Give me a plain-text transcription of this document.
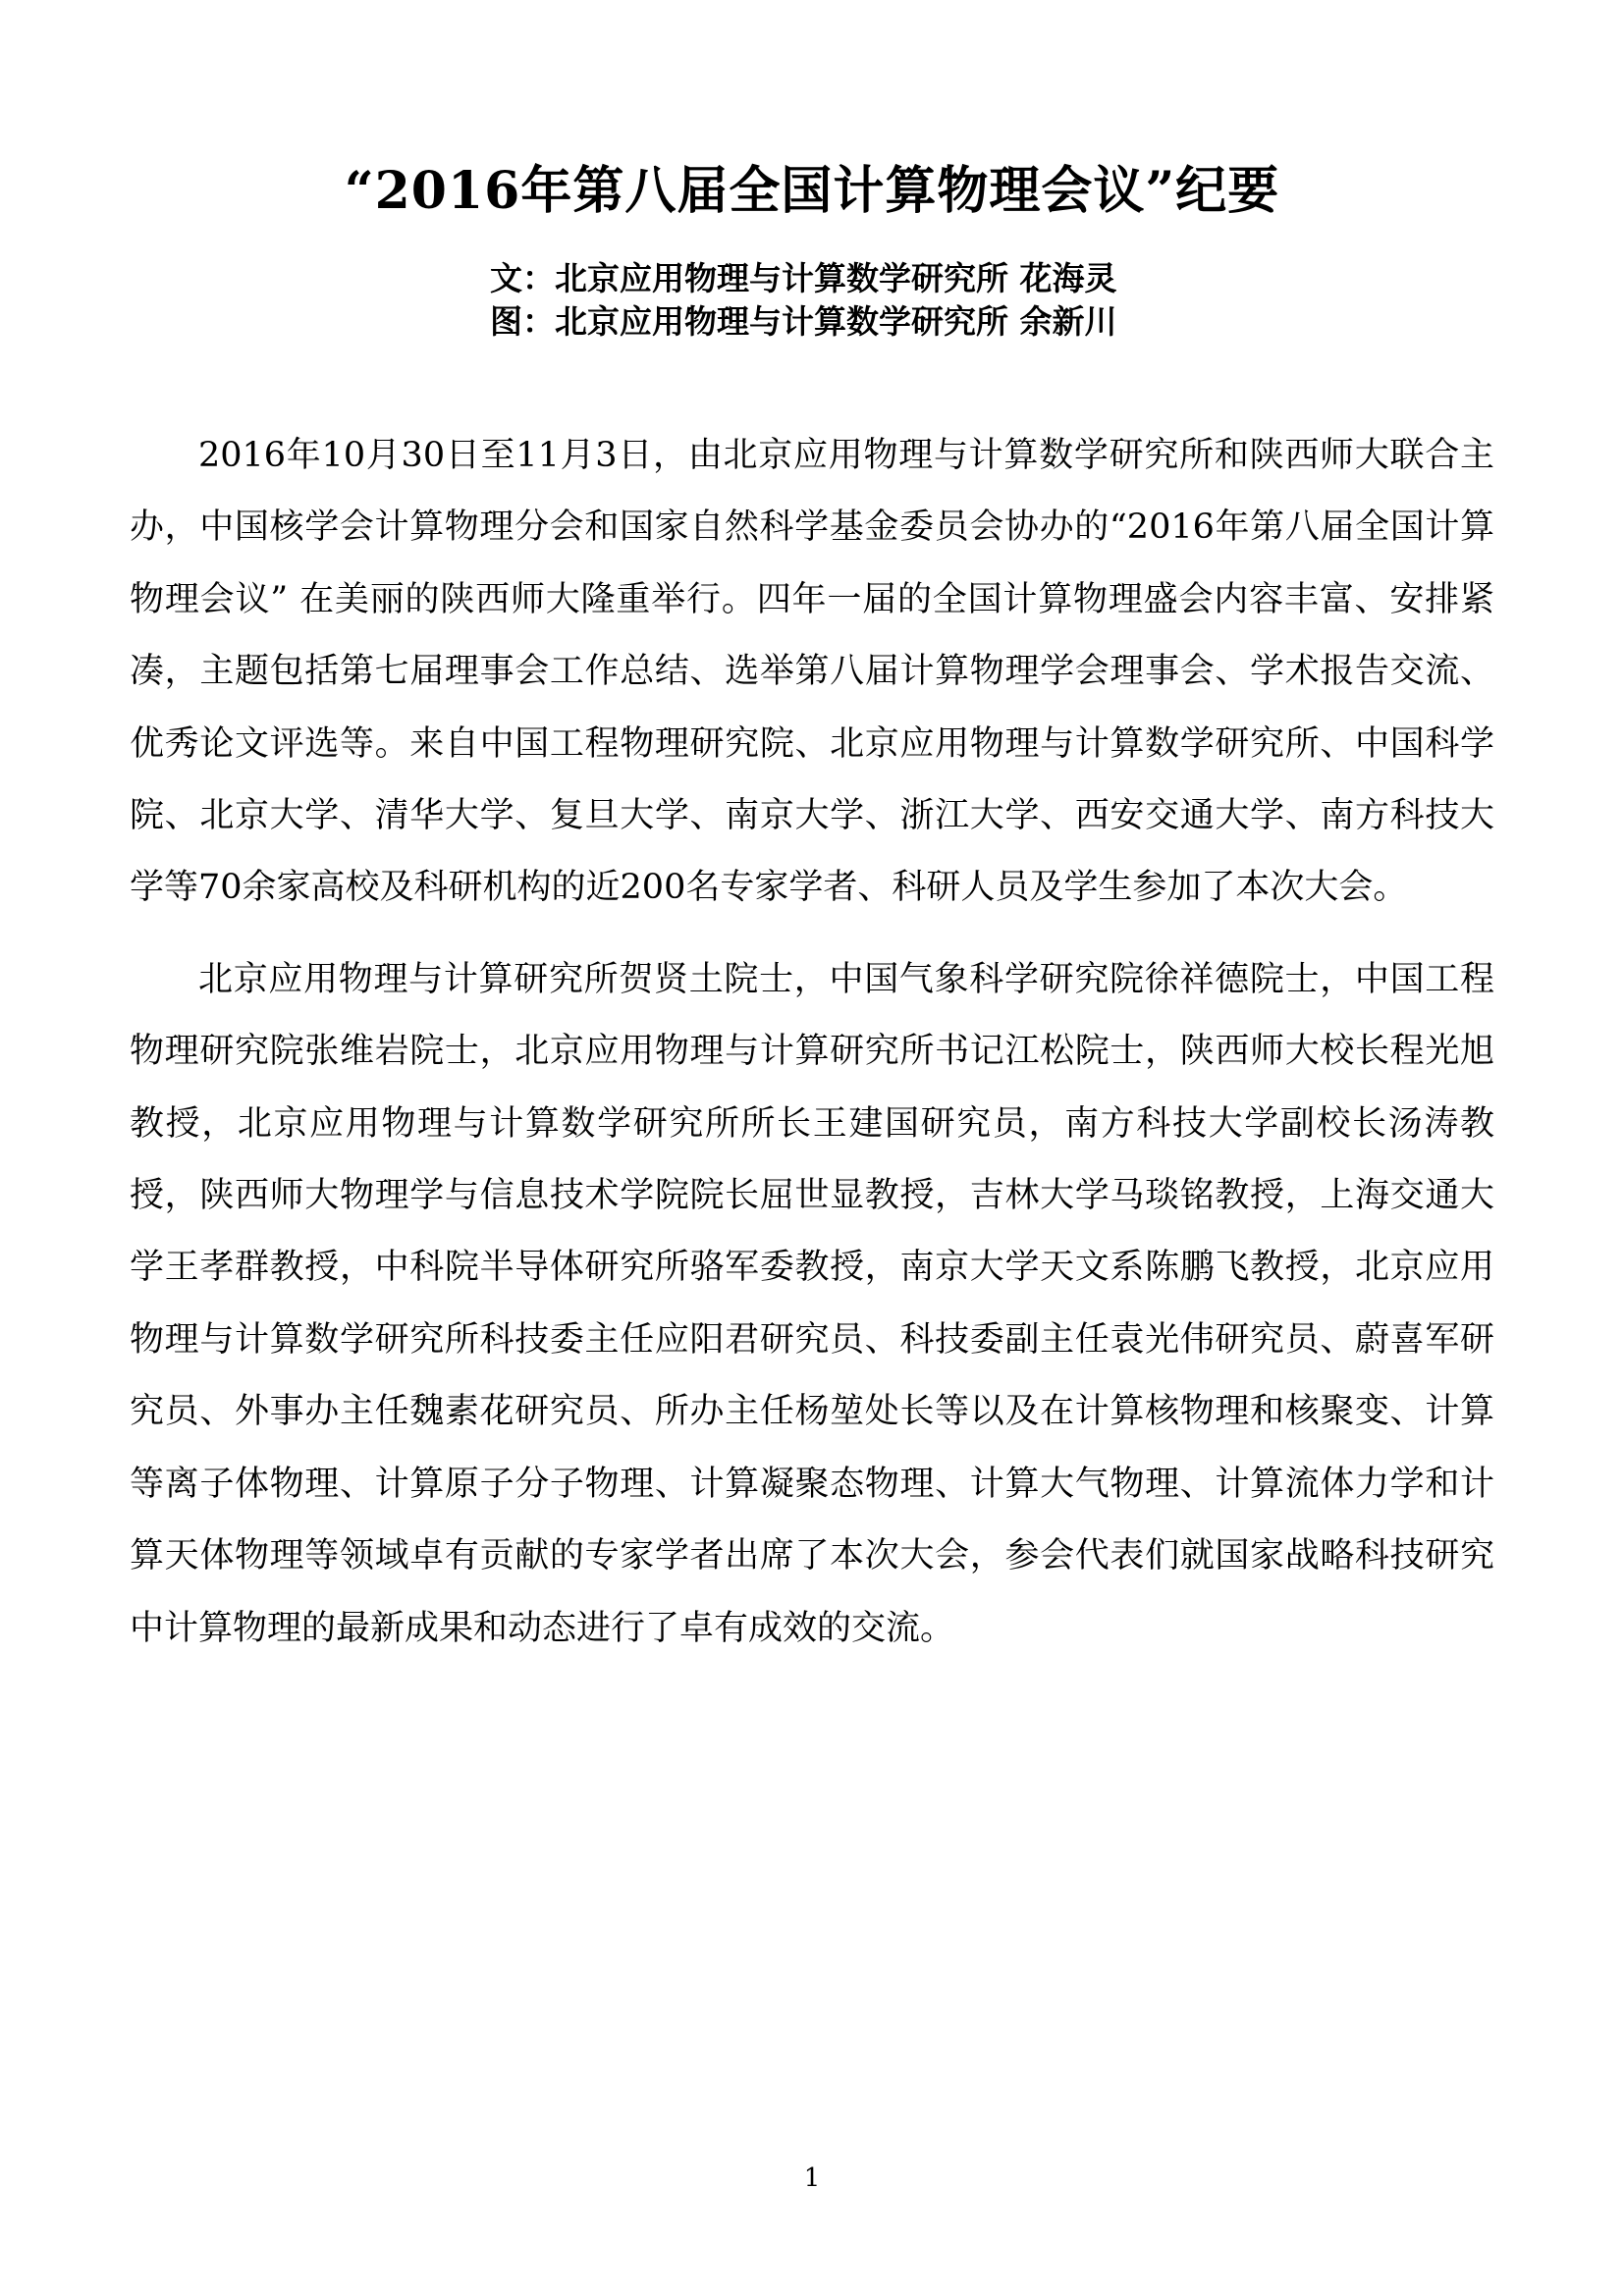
“2016年第八届全国计算物理会议”纪要
文：北京应用物理与计算数学研究所 花海灵
图：北京应用物理与计算数学研究所 余新川

2016年10月30日至11月3日，由北京应用物理与计算数学研究所和陕西师大联合主办，中国核学会计算物理分会和国家自然科学基金委员会协办的“2016年第八届全国计算物理会议” 在美丽的陕西师大隆重举行。四年一届的全国计算物理盛会内容丰富、安排紧凑，主题包括第七届理事会工作总结、选举第八届计算物理学会理事会、学术报告交流、优秀论文评选等。来自中国工程物理研究院、北京应用物理与计算数学研究所、中国科学院、北京大学、清华大学、复旦大学、南京大学、浙江大学、西安交通大学、南方科技大学等70余家高校及科研机构的近200名专家学者、科研人员及学生参加了本次大会。

北京应用物理与计算研究所贺贤土院士，中国气象科学研究院徐祥德院士，中国工程物理研究院张维岩院士，北京应用物理与计算研究所书记江松院士，陕西师大校长程光旭教授，北京应用物理与计算数学研究所所长王建国研究员，南方科技大学副校长汤涛教授，陕西师大物理学与信息技术学院院长屈世显教授，吉林大学马琰铭教授，上海交通大学王孝群教授，中科院半导体研究所骆军委教授，南京大学天文系陈鹏飞教授，北京应用物理与计算数学研究所科技委主任应阳君研究员、科技委副主任袁光伟研究员、蔚喜军研究员、外事办主任魏素花研究员、所办主任杨堃处长等以及在计算核物理和核聚变、计算等离子体物理、计算原子分子物理、计算凝聚态物理、计算大气物理、计算流体力学和计算天体物理等领域卓有贡献的专家学者出席了本次大会，参会代表们就国家战略科技研究中计算物理的最新成果和动态进行了卓有成效的交流。

1
